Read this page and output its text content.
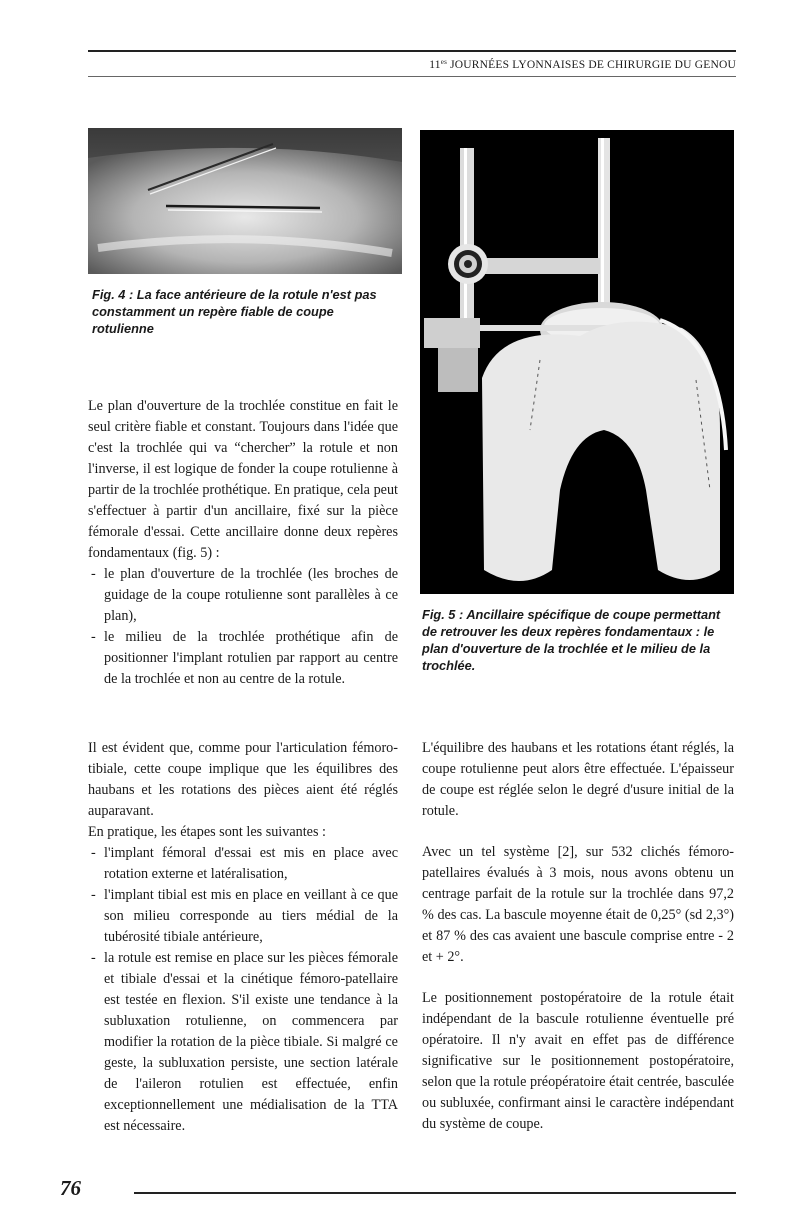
$11^{es}$ JOURNÉES LYONNAISES DE CHIRURGIE DU GENOU
Fig. 4 : La face antérieure de la rotule n'est pas constamment un repère fiable de coupe rotulienne
Fig. 5 : Ancillaire spécifique de coupe permettant de retrouver les deux repères fondamentaux : le plan d'ouverture de la trochlée et le milieu de la trochlée.

Le plan d'ouverture de la trochlée constitue en fait le seul critère fiable et constant. Toujours dans l'idée que c'est la trochlée qui va “chercher” la rotule et non l'inverse, il est logique de fonder la coupe rotulienne à partir de la trochlée prothétique. En pratique, cela peut s'effectuer à partir d'un ancillaire, fixé sur la pièce fémorale d'essai. Cette ancillaire donne deux repères fondamentaux (fig. 5) :

- le plan d'ouverture de la trochlée (les broches de guidage de la coupe rotulienne sont parallèles à ce plan),
- le milieu de la trochlée prothétique afin de positionner l'implant rotulien par rapport au centre de la trochlée et non au centre de la rotule.

Il est évident que, comme pour l'articulation fémoro-tibiale, cette coupe implique que les équilibres des haubans et les rotations des pièces aient été réglés auparavant.

En pratique, les étapes sont les suivantes :

- l'implant fémoral d'essai est mis en place avec rotation externe et latéralisation,
- l'implant tibial est mis en place en veillant à ce que son milieu corresponde au tiers médial de la tubérosité tibiale antérieure,
- la rotule est remise en place sur les pièces fémorale et tibiale d'essai et la cinétique fémoro-patellaire est testée en flexion. S'il existe une tendance à la subluxation rotulienne, on commencera par modifier la rotation de la pièce tibiale. Si malgré ce geste, la subluxation persiste, une section latérale de l'aileron rotulien est effectuée, enfin exceptionnellement une médialisation de la TTA est nécessaire.

L'équilibre des haubans et les rotations étant réglés, la coupe rotulienne peut alors être effectuée. L'épaisseur de coupe est réglée selon le degré d'usure initial de la rotule.

Avec un tel système [2], sur 532 clichés fémoro-patellaires évalués à 3 mois, nous avons obtenu un centrage parfait de la rotule sur la trochlée dans 97,2 % des cas. La bascule moyenne était de 0,25° (sd 2,3°) et 87 % des cas avaient une bascule comprise entre - 2 et + 2°.

Le positionnement postopératoire de la rotule était indépendant de la bascule rotulienne éventuelle pré opératoire. Il n'y avait en effet pas de différence significative sur le positionnement postopératoire, selon que la rotule préopératoire était centrée, basculée ou subluxée, confirmant ainsi le caractère indépendant du système de coupe.

76
